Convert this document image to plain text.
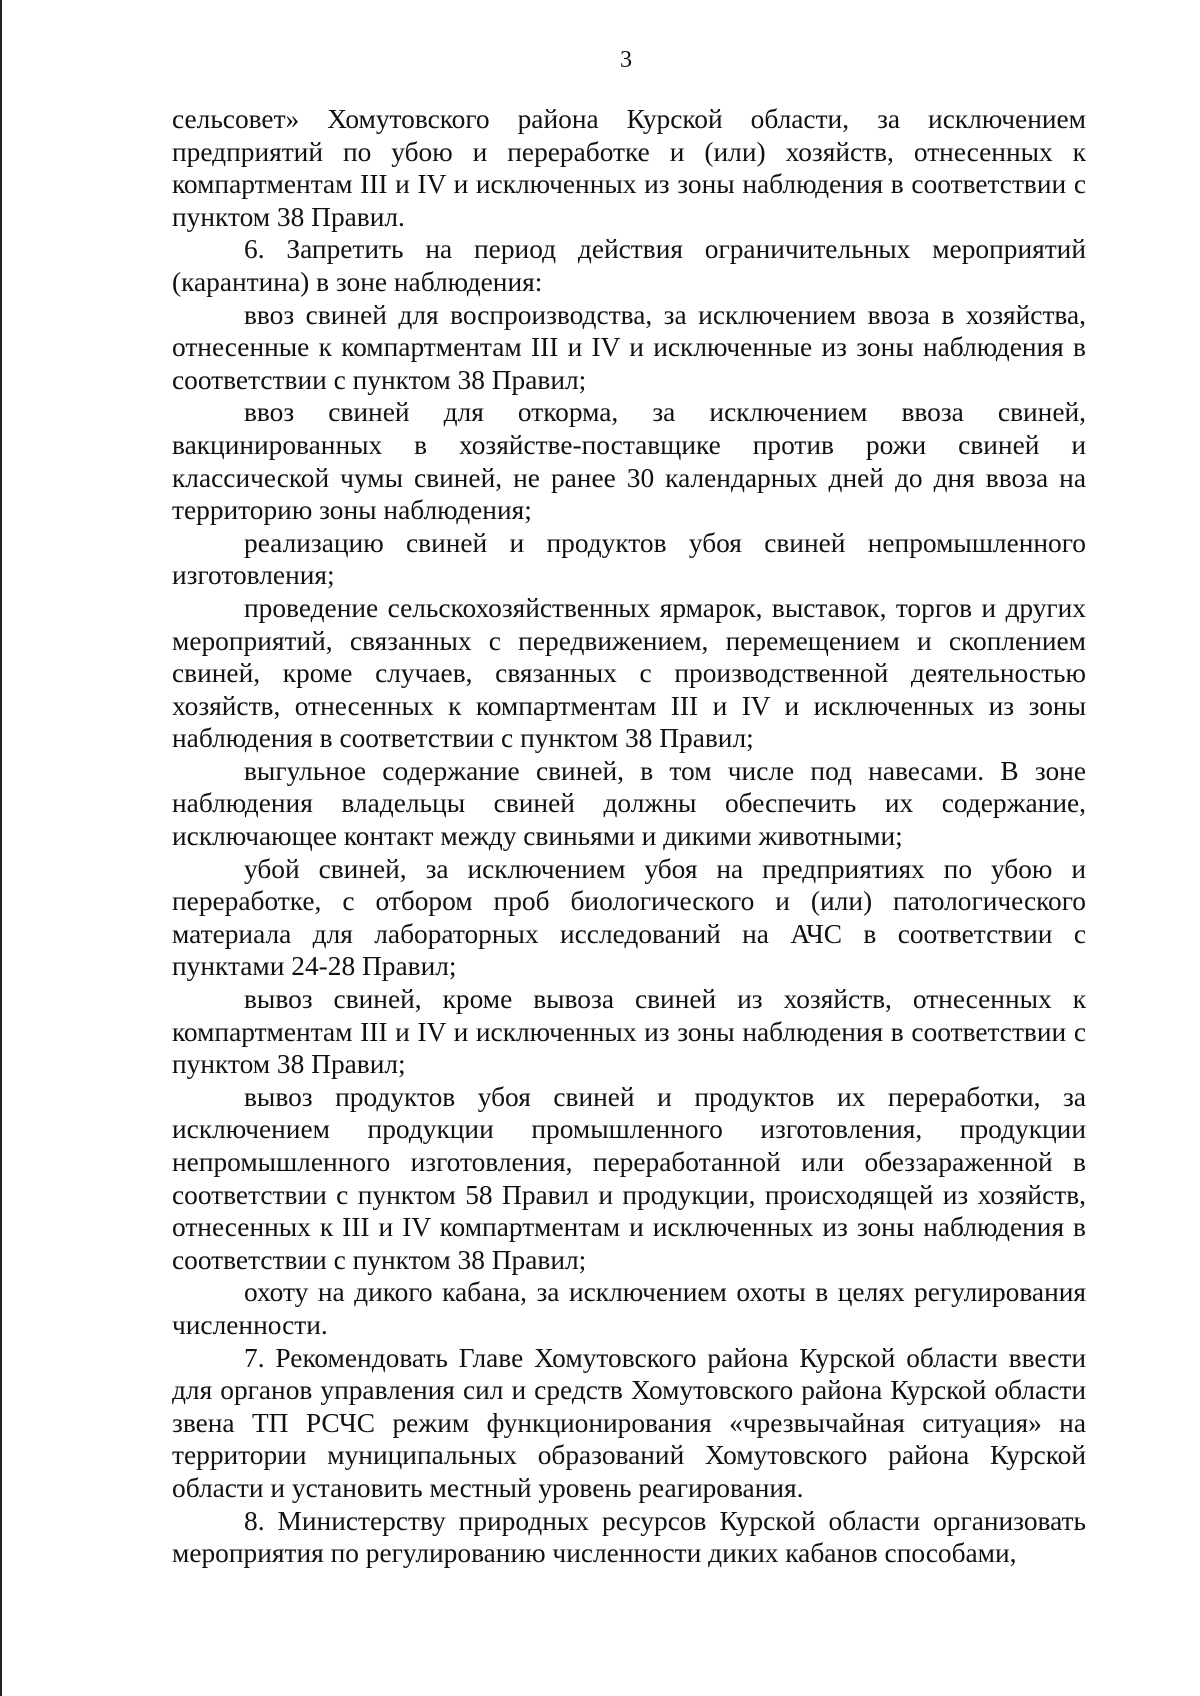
3

сельсовет» Хомутовского района Курской области, за исключением предприятий по убою и переработке и (или) хозяйств, отнесенных к компартментам III и IV и исключенных из зоны наблюдения в соответствии с пунктом 38 Правил.

6. Запретить на период действия ограничительных мероприятий (карантина) в зоне наблюдения:

ввоз свиней для воспроизводства, за исключением ввоза в хозяйства, отнесенные к компартментам III и IV и исключенные из зоны наблюдения в соответствии с пунктом 38 Правил;

ввоз свиней для откорма, за исключением ввоза свиней, вакцинированных в хозяйстве-поставщике против рожи свиней и классической чумы свиней, не ранее 30 календарных дней до дня ввоза на территорию зоны наблюдения;

реализацию свиней и продуктов убоя свиней непромышленного изготовления;

проведение сельскохозяйственных ярмарок, выставок, торгов и других мероприятий, связанных с передвижением, перемещением и скоплением свиней, кроме случаев, связанных с производственной деятельностью хозяйств, отнесенных к компартментам III и IV и исключенных из зоны наблюдения в соответствии с пунктом 38 Правил;

выгульное содержание свиней, в том числе под навесами. В зоне наблюдения владельцы свиней должны обеспечить их содержание, исключающее контакт между свиньями и дикими животными;

убой свиней, за исключением убоя на предприятиях по убою и переработке, с отбором проб биологического и (или) патологического материала для лабораторных исследований на АЧС в соответствии с пунктами 24-28 Правил;

вывоз свиней, кроме вывоза свиней из хозяйств, отнесенных к компартментам III и IV и исключенных из зоны наблюдения в соответствии с пунктом 38 Правил;

вывоз продуктов убоя свиней и продуктов их переработки, за исключением продукции промышленного изготовления, продукции непромышленного изготовления, переработанной или обеззараженной в соответствии с пунктом 58 Правил и продукции, происходящей из хозяйств, отнесенных к III и IV компартментам и исключенных из зоны наблюдения в соответствии с пунктом 38 Правил;

охоту на дикого кабана, за исключением охоты в целях регулирования численности.

7. Рекомендовать Главе Хомутовского района Курской области ввести для органов управления сил и средств Хомутовского района Курской области звена ТП РСЧС режим функционирования «чрезвычайная ситуация» на территории муниципальных образований Хомутовского района Курской области и установить местный уровень реагирования.

8. Министерству природных ресурсов Курской области организовать мероприятия по регулированию численности диких кабанов способами,
